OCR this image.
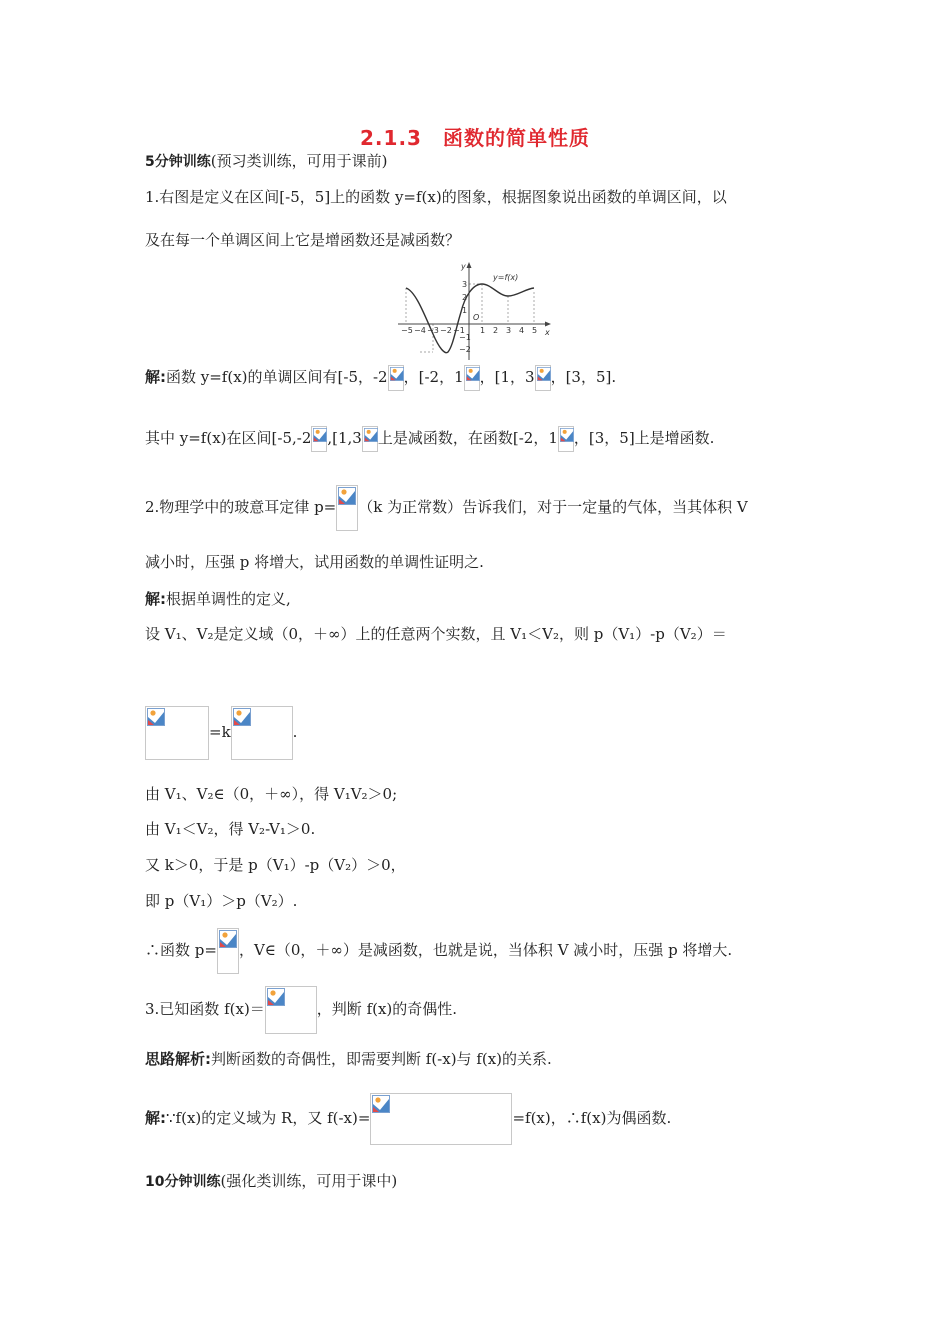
2.1.3　函数的简单性质
5分钟训练(预习类训练，可用于课前)
1.右图是定义在区间[-5，5]上的函数 y=f(x)的图象，根据图象说出函数的单调区间，以
及在每一个单调区间上它是增函数还是减函数？
y
x
O
y=f(x)
−5 −4 −3 −2 −1 1 2 3 4 5
3
2
1
−1
−2
解:函数 y=f(x)的单调区间有[-5，-2 ，[-2，1 ，[1，3 ，[3，5].
其中 y=f(x)在区间[-5,-2 ,[1,3 上是减函数，在函数[-2，1 ，[3，5]上是增函数.
2.物理学中的玻意耳定律 p= （k 为正常数）告诉我们，对于一定量的气体，当其体积 V
减小时，压强 p 将增大，试用函数的单调性证明之.
解:根据单调性的定义,
设 V₁、V₂是定义域（0，＋∞）上的任意两个实数，且 V₁＜V₂，则 p（V₁）-p（V₂）＝
=k	.
由 V₁、V₂∈（0，＋∞），得 V₁V₂＞0;
由 V₁＜V₂，得 V₂-V₁＞0.
又 k＞0，于是 p（V₁）-p（V₂）＞0，
即 p（V₁）＞p（V₂）.
∴函数 p= ，V∈（0，＋∞）是减函数，也就是说，当体积 V 减小时，压强 p 将增大.
3.已知函数 f(x)＝	，判断 f(x)的奇偶性.
思路解析:判断函数的奇偶性，即需要判断 f(-x)与 f(x)的关系.
解:∵f(x)的定义域为 R，又 f(-x)=	=f(x)，∴f(x)为偶函数.
10分钟训练(强化类训练，可用于课中)
